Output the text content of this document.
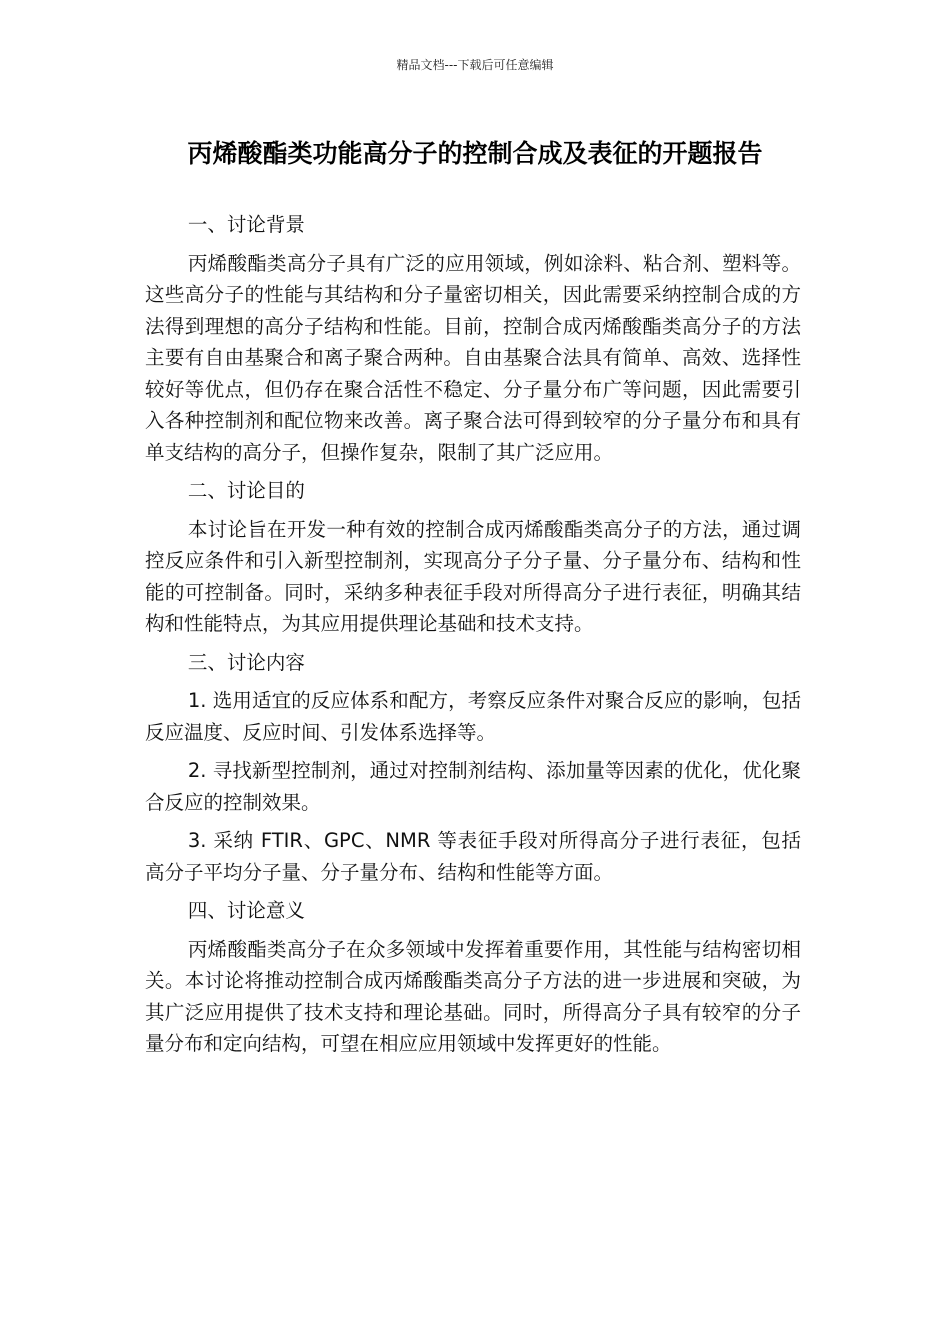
精品文档---下载后可任意编辑
丙烯酸酯类功能高分子的控制合成及表征的开题报告

一、讨论背景

丙烯酸酯类高分子具有广泛的应用领域，例如涂料、粘合剂、塑料等。这些高分子的性能与其结构和分子量密切相关，因此需要采纳控制合成的方法得到理想的高分子结构和性能。目前，控制合成丙烯酸酯类高分子的方法主要有自由基聚合和离子聚合两种。自由基聚合法具有简单、高效、选择性较好等优点，但仍存在聚合活性不稳定、分子量分布广等问题，因此需要引入各种控制剂和配位物来改善。离子聚合法可得到较窄的分子量分布和具有单支结构的高分子，但操作复杂，限制了其广泛应用。

二、讨论目的

本讨论旨在开发一种有效的控制合成丙烯酸酯类高分子的方法，通过调控反应条件和引入新型控制剂，实现高分子分子量、分子量分布、结构和性能的可控制备。同时，采纳多种表征手段对所得高分子进行表征，明确其结构和性能特点，为其应用提供理论基础和技术支持。

三、讨论内容

1. 选用适宜的反应体系和配方，考察反应条件对聚合反应的影响，包括反应温度、反应时间、引发体系选择等。

2. 寻找新型控制剂，通过对控制剂结构、添加量等因素的优化，优化聚合反应的控制效果。

3. 采纳 FTIR、GPC、NMR 等表征手段对所得高分子进行表征，包括高分子平均分子量、分子量分布、结构和性能等方面。

四、讨论意义

丙烯酸酯类高分子在众多领域中发挥着重要作用，其性能与结构密切相关。本讨论将推动控制合成丙烯酸酯类高分子方法的进一步进展和突破，为其广泛应用提供了技术支持和理论基础。同时，所得高分子具有较窄的分子量分布和定向结构，可望在相应应用领域中发挥更好的性能。
